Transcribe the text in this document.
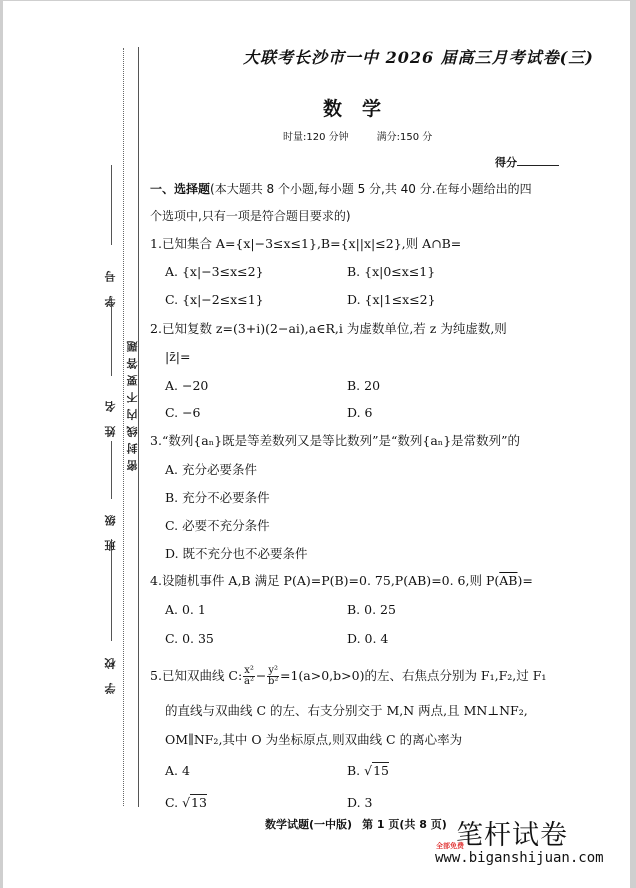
学号
姓名
班级
学校
密封线内不要答题
大联考长沙市一中 2026 届高三月考试卷(三)
数学
时量:120 分钟	满分:150 分
得分
一、选择题(本大题共 8 个小题,每小题 5 分,共 40 分.在每小题给出的四
个选项中,只有一项是符合题目要求的)
1.已知集合 A={x|−3≤x≤1},B={x||x|≤2},则 A∩B=
A. {x|−3≤x≤2}	B. {x|0≤x≤1}
C. {x|−2≤x≤1}	D. {x|1≤x≤2}
2.已知复数 z=(3+i)(2−ai),a∈R,i 为虚数单位,若 z 为纯虚数,则
|z̄|=
A. −20	B. 20
C. −6	D. 6
3.“数列{aₙ}既是等差数列又是等比数列”是“数列{aₙ}是常数列”的
A. 充分必要条件
B. 充分不必要条件
C. 必要不充分条件
D. 既不充分也不必要条件
4.设随机事件 A,B 满足 P(A)=P(B)=0. 75,P(AB)=0. 6,则 $P(\overline{AB})=$
A. 0. 1	B. 0. 25
C. 0. 35	D. 0. 4
5.已知双曲线 C: $\frac{\text{x²}}{\text{a²}} - \frac{\text{y²}}{\text{b²}} =1(a>0,b>0)$的左、右焦点分别为 F₁,F₂,过 F₁
的直线与双曲线 C 的左、右支分别交于 M,N 两点,且 MN⊥NF₂,
OM∥NF₂,其中 O 为坐标原点,则双曲线 C 的离心率为
A. 4	B. √15
C. √13	D. 3
数学试题(一中版) 第 1 页(共 8 页) 笔杆试卷
全部免费
www.biganshijuan.com
